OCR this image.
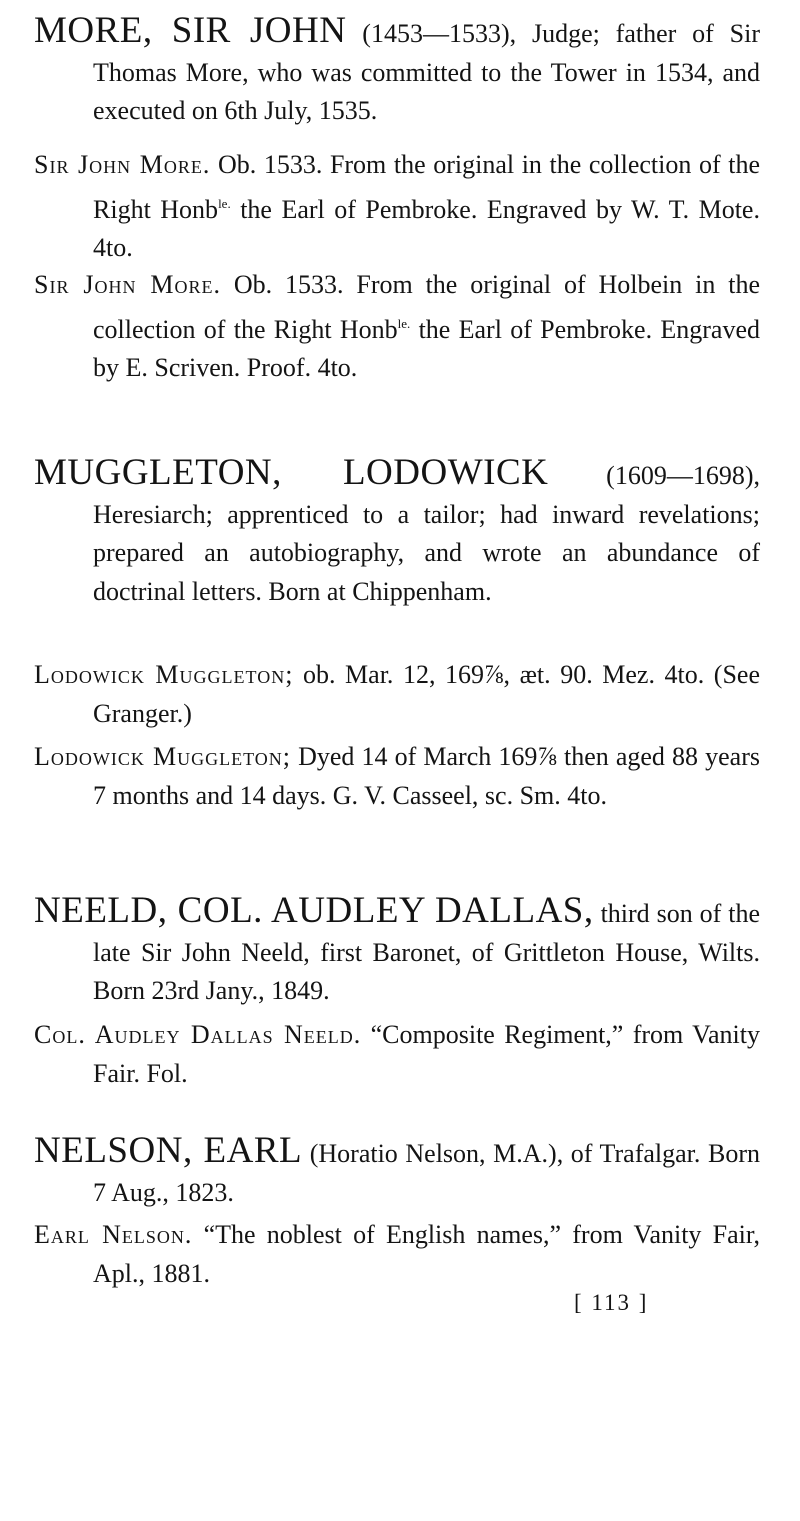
MORE, SIR JOHN (1453—1533), Judge; father of Sir Thomas More, who was committed to the Tower in 1534, and executed on 6th July, 1535.

Sir John More. Ob. 1533. From the original in the collection of the Right Honb$^{le.}$ the Earl of Pembroke. Engraved by W. T. Mote. 4to.

Sir John More. Ob. 1533. From the original of Holbein in the collection of the Right Honb$^{le.}$ the Earl of Pembroke. Engraved by E. Scriven. Proof. 4to.

MUGGLETON, LODOWICK (1609—1698), Heresiarch; apprenticed to a tailor; had inward revelations; prepared an autobiography, and wrote an abundance of doctrinal letters. Born at Chippenham.

Lodowick Muggleton; ob. Mar. 12, 169⅞, æt. 90. Mez. 4to. (See Granger.)

Lodowick Muggleton; Dyed 14 of March 169⅞ then aged 88 years 7 months and 14 days. G. V. Casseel, sc. Sm. 4to.

NEELD, COL. AUDLEY DALLAS, third son of the late Sir John Neeld, first Baronet, of Grittleton House, Wilts. Born 23rd Jany., 1849.

Col. Audley Dallas Neeld. “Composite Regiment,” from Vanity Fair. Fol.

NELSON, EARL (Horatio Nelson, M.A.), of Trafalgar. Born 7 Aug., 1823.

Earl Nelson. “The noblest of English names,” from Vanity Fair, Apl., 1881.

[ 113 ]
